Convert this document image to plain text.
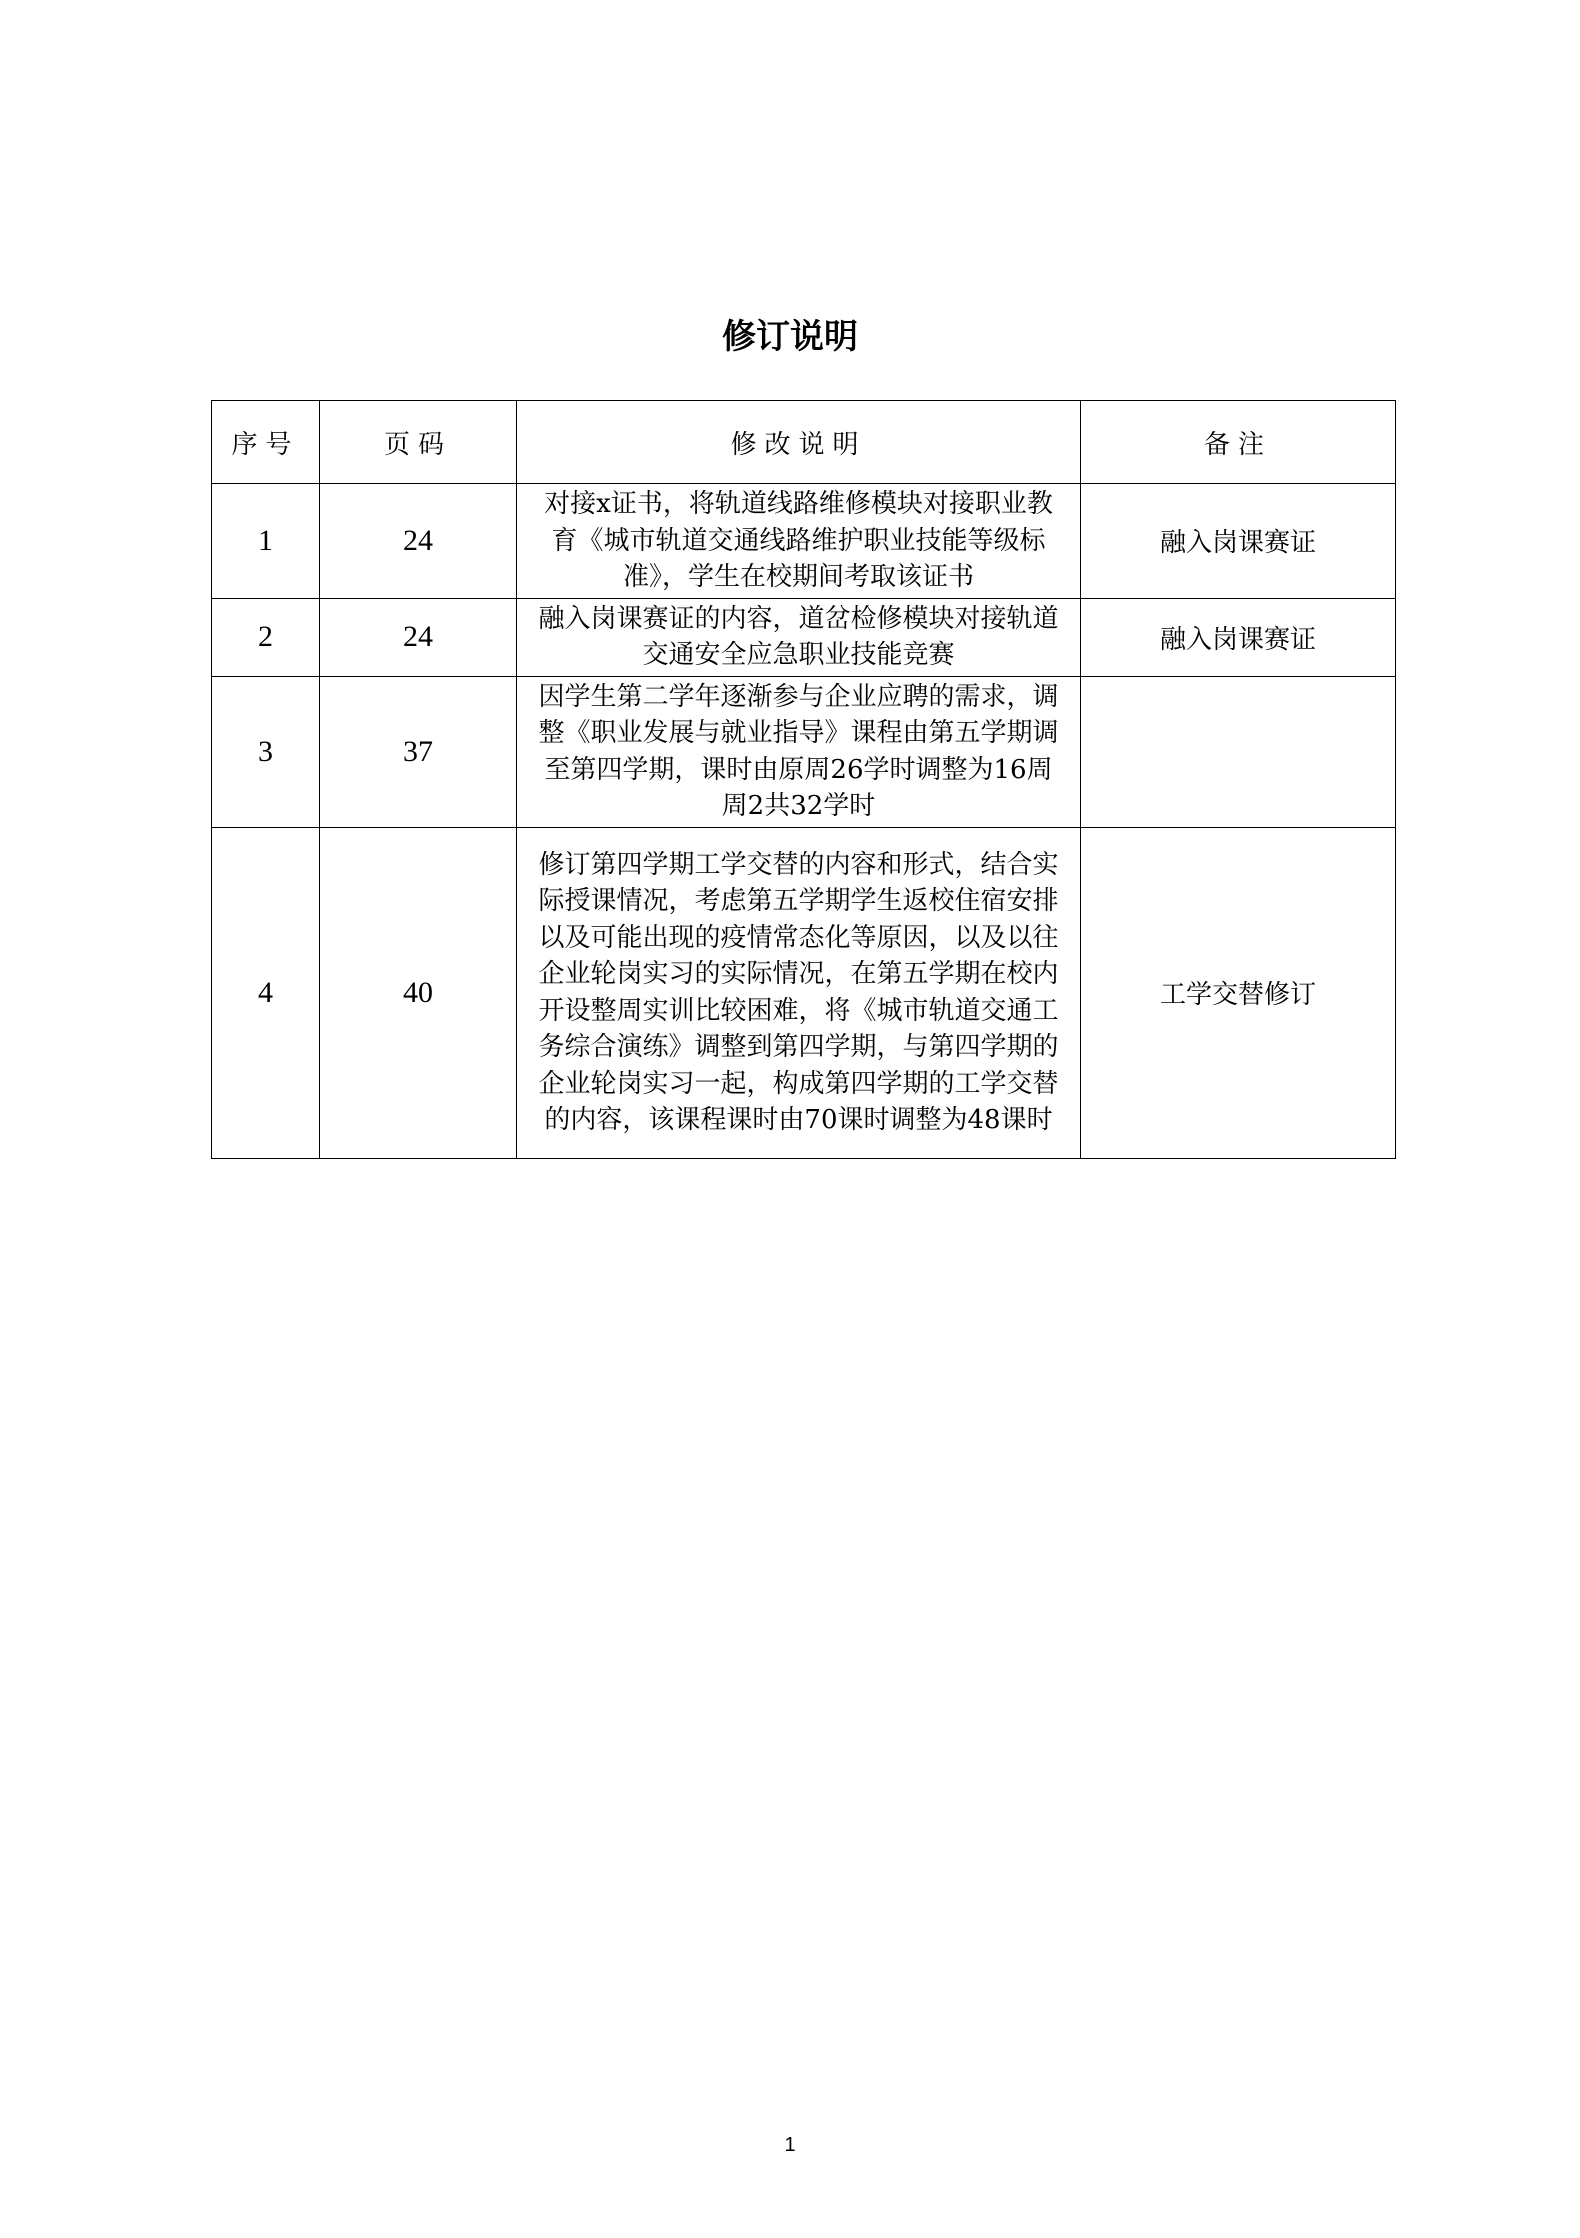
修订说明
序号	页码	修改说明	备注
1	24	对接x证书，将轨道线路维修模块对接职业教育《城市轨道交通线路维护职业技能等级标准》，学生在校期间考取该证书	融入岗课赛证
2	24	融入岗课赛证的内容，道岔检修模块对接轨道交通安全应急职业技能竞赛	融入岗课赛证
3	37	因学生第二学年逐渐参与企业应聘的需求，调整《职业发展与就业指导》课程由第五学期调至第四学期，课时由原周26学时调整为16周周2共32学时	
4	40	修订第四学期工学交替的内容和形式，结合实际授课情况，考虑第五学期学生返校住宿安排以及可能出现的疫情常态化等原因，以及以往企业轮岗实习的实际情况，在第五学期在校内开设整周实训比较困难，将《城市轨道交通工务综合演练》调整到第四学期，与第四学期的企业轮岗实习一起，构成第四学期的工学交替的内容，该课程课时由70课时调整为48课时	工学交替修订
1
